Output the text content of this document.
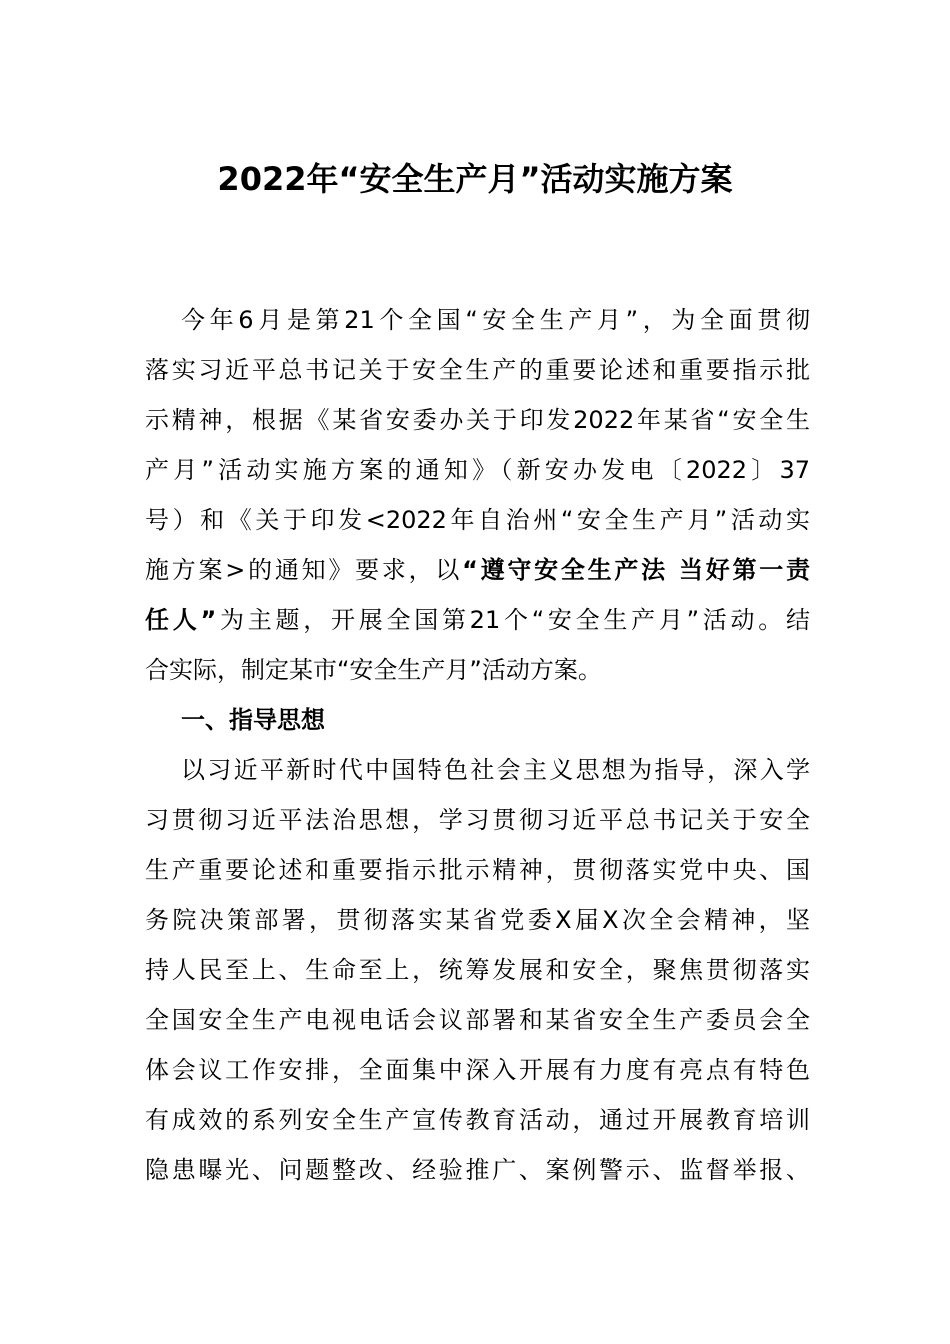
2022年“安全生产月”活动实施方案
今年6月是第21个全国“安全生产月”，为全面贯彻
落实习近平总书记关于安全生产的重要论述和重要指示批
示精神，根据《某省安委办关于印发2022年某省“安全生
产月”活动实施方案的通知》（新安办发电〔2022〕37
号）和《关于印发<2022年自治州“安全生产月”活动实
施方案>的通知》要求，以“遵守安全生产法 当好第一责
任人”为主题，开展全国第21个“安全生产月”活动。结
合实际，制定某市“安全生产月”活动方案。
一、指导思想
以习近平新时代中国特色社会主义思想为指导，深入学
习贯彻习近平法治思想，学习贯彻习近平总书记关于安全
生产重要论述和重要指示批示精神，贯彻落实党中央、国
务院决策部署，贯彻落实某省党委X届X次全会精神，坚
持人民至上、生命至上，统筹发展和安全，聚焦贯彻落实
全国安全生产电视电话会议部署和某省安全生产委员会全
体会议工作安排，全面集中深入开展有力度有亮点有特色
有成效的系列安全生产宣传教育活动，通过开展教育培训
隐患曝光、问题整改、经验推广、案例警示、监督举报、
